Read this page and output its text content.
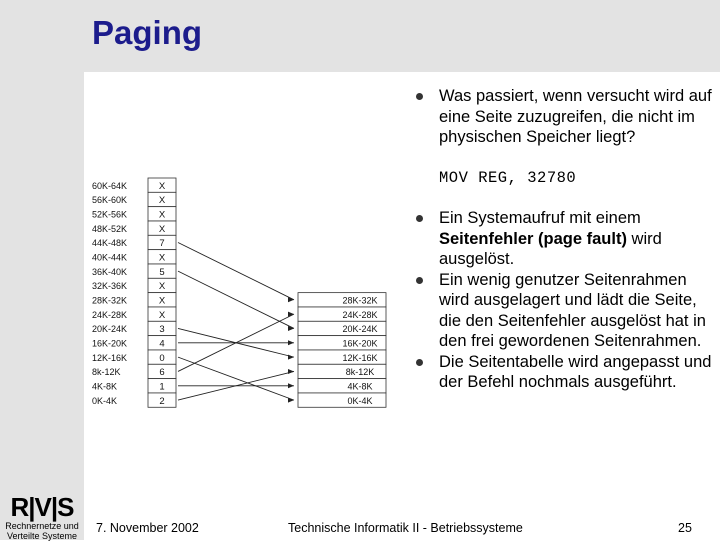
Paging
Was passiert, wenn versucht wird auf eine Seite zuzugreifen, die nicht im physischen Speicher liegt?
MOV REG, 32780
Ein Systemaufruf mit einem Seitenfehler (page fault) wird ausgelöst.
Ein wenig genutzer Seitenrahmen wird ausgelagert und lädt die Seite, die den Seitenfehler ausgelöst hat in den frei gewordenen Seitenrahmen.
Die Seitentabelle wird angepasst und der Befehl nochmals ausgeführt.
28K-32K
24K-28K
20K-24K
16K-20K
12K-16K
8k-12K
4K-8K
0K-4K
60K-64K	X
56K-60K	X
52K-56K	X
48K-52K	X
44K-48K	7
40K-44K	X
36K-40K	5
32K-36K	X
28K-32K	X
24K-28K	X
20K-24K	3
16K-20K	4
12K-16K	0
8k-12K	6
4K-8K	1
0K-4K	2
R|V|S
Rechnernetze und
Verteilte Systeme
7. November 2002	Technische Informatik II - Betriebssysteme	25
